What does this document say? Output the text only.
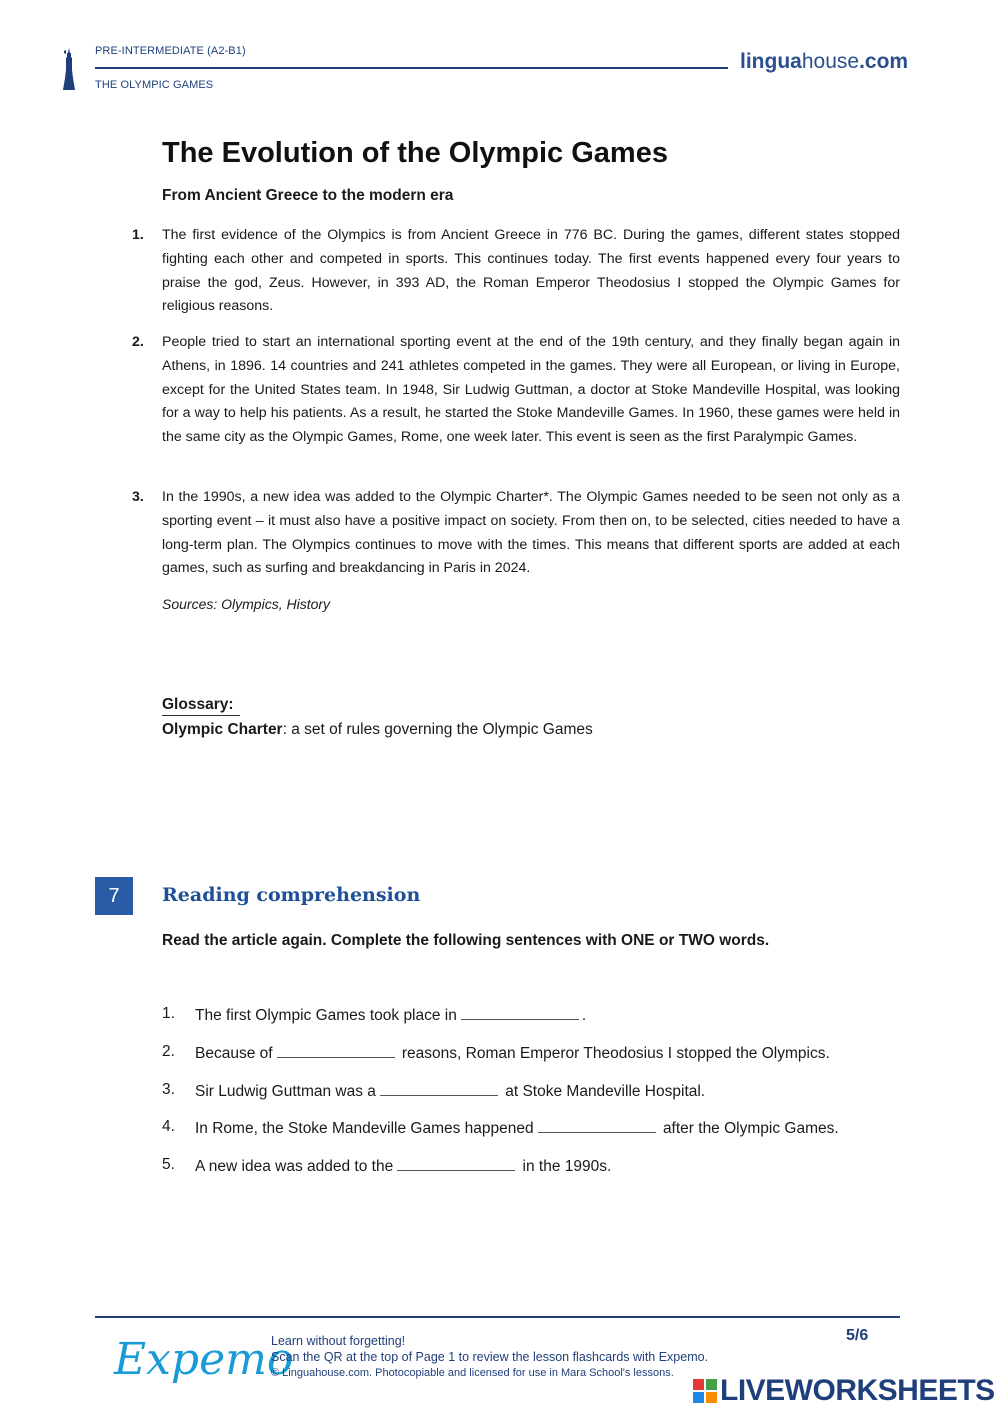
PRE-INTERMEDIATE (A2-B1)
THE OLYMPIC GAMES
linguahouse.com
The Evolution of the Olympic Games
From Ancient Greece to the modern era
1. The first evidence of the Olympics is from Ancient Greece in 776 BC. During the games, different states stopped fighting each other and competed in sports. This continues today. The first events happened every four years to praise the god, Zeus. However, in 393 AD, the Roman Emperor Theodosius I stopped the Olympic Games for religious reasons.
2. People tried to start an international sporting event at the end of the 19th century, and they finally began again in Athens, in 1896. 14 countries and 241 athletes competed in the games. They were all European, or living in Europe, except for the United States team. In 1948, Sir Ludwig Guttman, a doctor at Stoke Mandeville Hospital, was looking for a way to help his patients. As a result, he started the Stoke Mandeville Games. In 1960, these games were held in the same city as the Olympic Games, Rome, one week later. This event is seen as the first Paralympic Games.
3. In the 1990s, a new idea was added to the Olympic Charter*. The Olympic Games needed to be seen not only as a sporting event – it must also have a positive impact on society. From then on, to be selected, cities needed to have a long-term plan. The Olympics continues to move with the times. This means that different sports are added at each games, such as surfing and breakdancing in Paris in 2024.
Sources: Olympics, History
Glossary:
Olympic Charter: a set of rules governing the Olympic Games
7	Reading comprehension
Read the article again. Complete the following sentences with ONE or TWO words.
1. The first Olympic Games took place in	.
2. Because of	reasons, Roman Emperor Theodosius I stopped the Olympics.
3. Sir Ludwig Guttman was a	at Stoke Mandeville Hospital.
4. In Rome, the Stoke Mandeville Games happened	after the Olympic Games.
5. A new idea was added to the	in the 1990s.
Expemo
Learn without forgetting!
Scan the QR at the top of Page 1 to review the lesson flashcards with Expemo.
© Linguahouse.com. Photocopiable and licensed for use in Mara School's lessons.
5/6
LIVEWORKSHEETS
